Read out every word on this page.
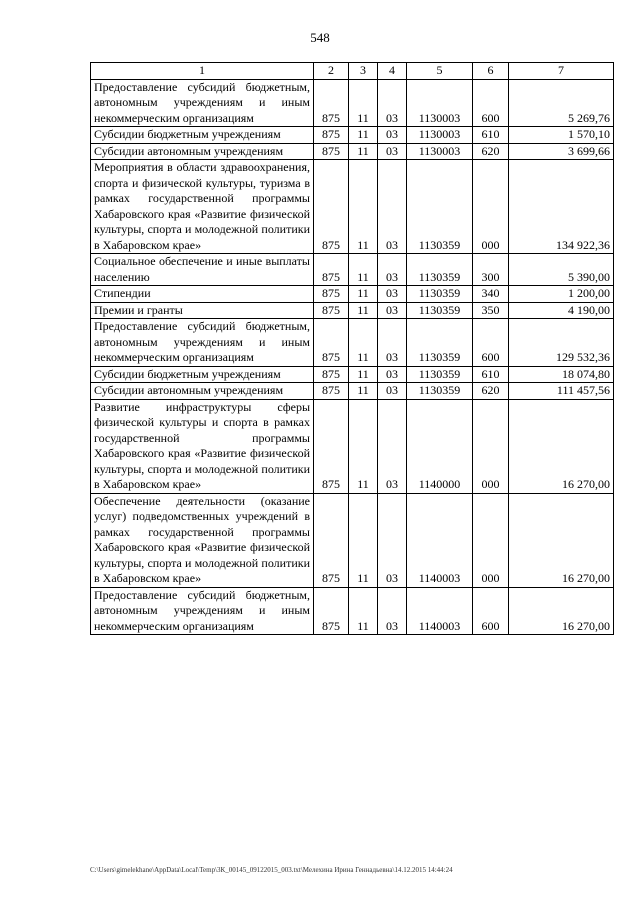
548
1	2	3	4	5	6	7
Предоставление субсидий бюджетным, автономным учреждениям и иным некоммерческим организациям	875	11	03	1130003	600	5 269,76
Субсидии бюджетным учреждениям	875	11	03	1130003	610	1 570,10
Субсидии автономным учреждениям	875	11	03	1130003	620	3 699,66
Мероприятия в области здравоохранения, спорта и физической культуры, туризма в рамках государственной программы Хабаровского края «Развитие физической культуры, спорта и молодежной политики в Хабаровском крае»	875	11	03	1130359	000	134 922,36
Социальное обеспечение и иные выплаты населению	875	11	03	1130359	300	5 390,00
Стипендии	875	11	03	1130359	340	1 200,00
Премии и гранты	875	11	03	1130359	350	4 190,00
Предоставление субсидий бюджетным, автономным учреждениям и иным некоммерческим организациям	875	11	03	1130359	600	129 532,36
Субсидии бюджетным учреждениям	875	11	03	1130359	610	18 074,80
Субсидии автономным учреждениям	875	11	03	1130359	620	111 457,56
Развитие инфраструктуры сферы физической культуры и спорта в рамках государственной программы Хабаровского края «Развитие физической культуры, спорта и молодежной политики в Хабаровском крае»	875	11	03	1140000	000	16 270,00
Обеспечение деятельности (оказание услуг) подведомственных учреждений в рамках государственной программы Хабаровского края «Развитие физической культуры, спорта и молодежной политики в Хабаровском крае»	875	11	03	1140003	000	16 270,00
Предоставление субсидий бюджетным, автономным учреждениям и иным некоммерческим организациям	875	11	03	1140003	600	16 270,00
C:\Users\gimelekhane\AppData\Local\Temp\3К_00145_09122015_003.txt\Мелехина Ирина Геннадьевна\14.12.2015 14:44:24
